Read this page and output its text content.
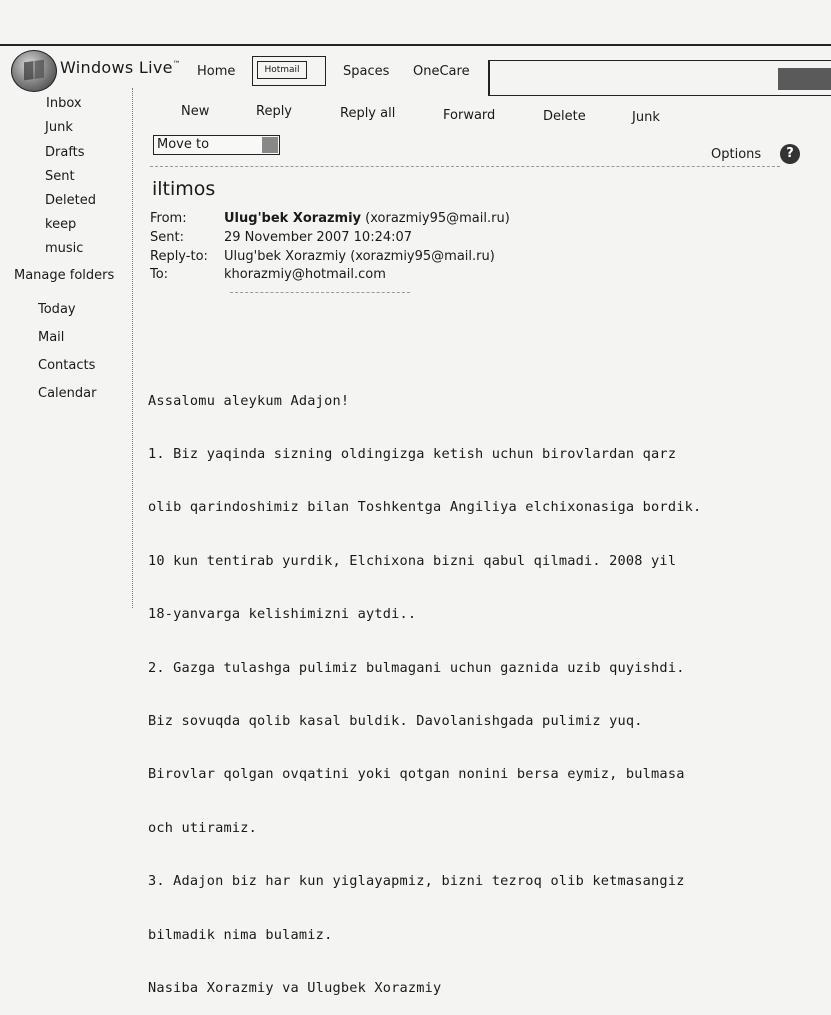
Windows Live™ Home	Hotmail	Spaces OneCare
Inbox
Junk
Drafts
Sent
Deleted
keep
music
Manage folders
Today
Mail
Contacts
Calendar
New	Reply	Reply all	Forward	Delete	Junk
Move to
Options	?
iltimos
From:	Ulug'bek Xorazmiy (xorazmiy95@mail.ru)
Sent:	29 November 2007 10:24:07
Reply-to: Ulug'bek Xorazmiy (xorazmiy95@mail.ru)
To:	khorazmiy@hotmail.com

Assalomu aleykum Adajon!

1. Biz yaqinda sizning oldingizga ketish uchun birovlardan qarz

olib qarindoshimiz bilan Toshkentga Angiliya elchixonasiga bordik.

10 kun tentirab yurdik, Elchixona bizni qabul qilmadi. 2008 yil

18-yanvarga kelishimizni aytdi..

2. Gazga tulashga pulimiz bulmagani uchun gaznida uzib quyishdi.

Biz sovuqda qolib kasal buldik. Davolanishgada pulimiz yuq.

Birovlar qolgan ovqatini yoki qotgan nonini bersa eymiz, bulmasa

och utiramiz.

3. Adajon biz har kun yiglayapmiz, bizni tezroq olib ketmasangiz

bilmadik nima bulamiz.

Nasiba Xorazmiy va Ulugbek Xorazmiy
